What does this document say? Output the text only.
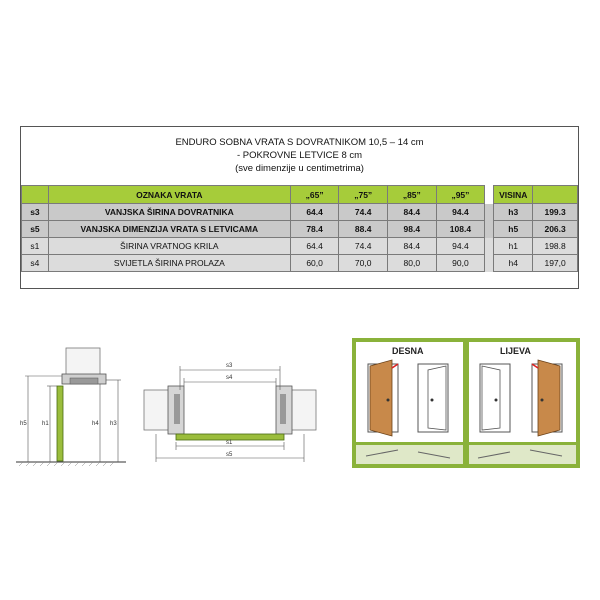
ENDURO SOBNA VRATA S DOVRATNIKOM 10,5 – 14 cm
- POKROVNE LETVICE 8 cm
(sve dimenzije u centimetrima)
	OZNAKA VRATA	„65”	„75”	„85”	„95”		VISINA	
s3	VANJSKA ŠIRINA DOVRATNIKA	64.4	74.4	84.4	94.4		h3	199.3
s5	VANJSKA DIMENZIJA VRATA S LETVICAMA	78.4	88.4	98.4	108.4		h5	206.3
s1	ŠIRINA VRATNOG KRILA	64.4	74.4	84.4	94.4		h1	198.8
s4	SVIJETLA ŠIRINA PROLAZA	60,0	70,0	80,0	90,0		h4	197,0
h5	h1	h4 h3
s3
s4
s1
s5
DESNA	LIJEVA
